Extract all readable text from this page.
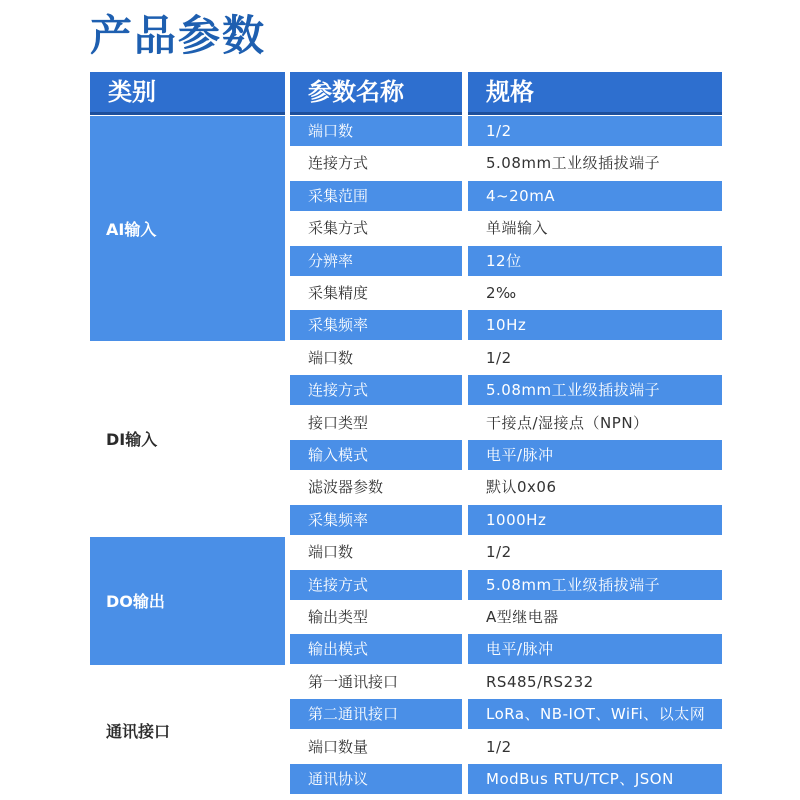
产品参数
类别	参数名称	规格
AI输入
端口数	1/2
连接方式	5.08mm工业级插拔端子
采集范围	4~20mA
采集方式	单端输入
分辨率	12位
采集精度	2‰
采集频率	10Hz
DI输入
端口数	1/2
连接方式	5.08mm工业级插拔端子
接口类型	干接点/湿接点（NPN）
输入模式	电平/脉冲
滤波器参数	默认0x06
采集频率	1000Hz
DO输出
端口数	1/2
连接方式	5.08mm工业级插拔端子
输出类型	A型继电器
输出模式	电平/脉冲
通讯接口
第一通讯接口	RS485/RS232
第二通讯接口	LoRa、NB-IOT、WiFi、以太网
端口数量	1/2
通讯协议	ModBus RTU/TCP、JSON
